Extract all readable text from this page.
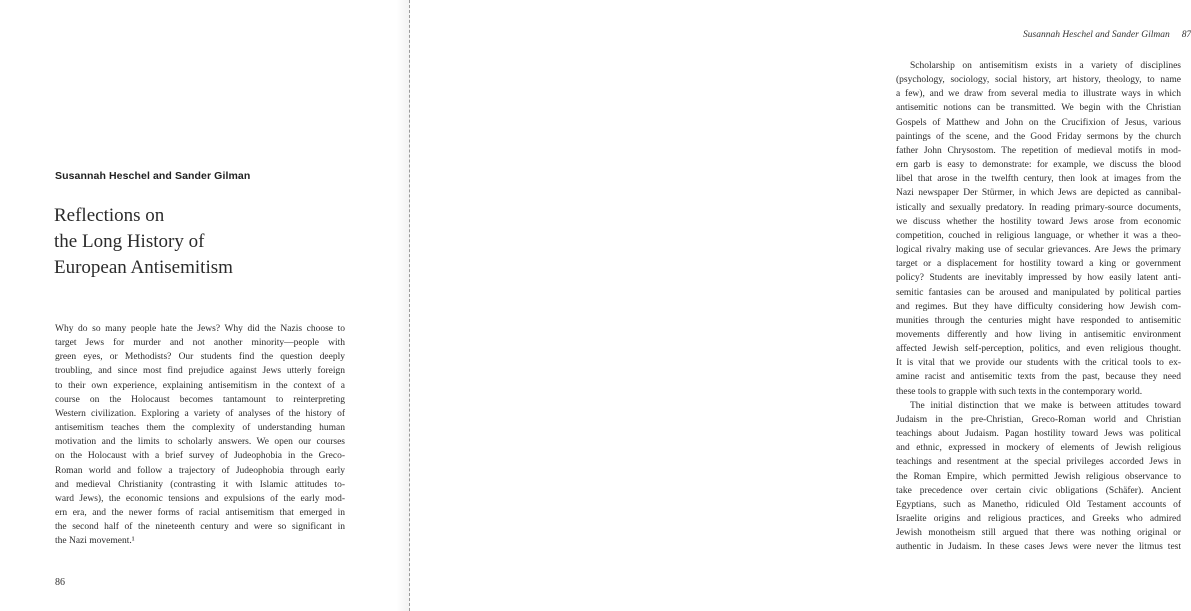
Susannah Heschel and Sander Gilman
Reflections on
the Long History of
European Antisemitism
Why do so many people hate the Jews? Why did the Nazis choose to
target Jews for murder and not another minority—people with
green eyes, or Methodists? Our students find the question deeply
troubling, and since most find prejudice against Jews utterly foreign
to their own experience, explaining antisemitism in the context of a
course on the Holocaust becomes tantamount to reinterpreting
Western civilization. Exploring a variety of analyses of the history of
antisemitism teaches them the complexity of understanding human
motivation and the limits to scholarly answers. We open our courses
on the Holocaust with a brief survey of Judeophobia in the Greco-
Roman world and follow a trajectory of Judeophobia through early
and medieval Christianity (contrasting it with Islamic attitudes to-
ward Jews), the economic tensions and expulsions of the early mod-
ern era, and the newer forms of racial antisemitism that emerged in
the second half of the nineteenth century and were so significant in
the Nazi movement.¹
86
Susannah Heschel and Sander Gilman 87
Scholarship on antisemitism exists in a variety of disciplines
(psychology, sociology, social history, art history, theology, to name
a few), and we draw from several media to illustrate ways in which
antisemitic notions can be transmitted. We begin with the Christian
Gospels of Matthew and John on the Crucifixion of Jesus, various
paintings of the scene, and the Good Friday sermons by the church
father John Chrysostom. The repetition of medieval motifs in mod-
ern garb is easy to demonstrate: for example, we discuss the blood
libel that arose in the twelfth century, then look at images from the
Nazi newspaper Der Stürmer, in which Jews are depicted as cannibal-
istically and sexually predatory. In reading primary-source documents,
we discuss whether the hostility toward Jews arose from economic
competition, couched in religious language, or whether it was a theo-
logical rivalry making use of secular grievances. Are Jews the primary
target or a displacement for hostility toward a king or government
policy? Students are inevitably impressed by how easily latent anti-
semitic fantasies can be aroused and manipulated by political parties
and regimes. But they have difficulty considering how Jewish com-
munities through the centuries might have responded to antisemitic
movements differently and how living in antisemitic environment
affected Jewish self-perception, politics, and even religious thought.
It is vital that we provide our students with the critical tools to ex-
amine racist and antisemitic texts from the past, because they need
these tools to grapple with such texts in the contemporary world.
The initial distinction that we make is between attitudes toward
Judaism in the pre-Christian, Greco-Roman world and Christian
teachings about Judaism. Pagan hostility toward Jews was political
and ethnic, expressed in mockery of elements of Jewish religious
teachings and resentment at the special privileges accorded Jews in
the Roman Empire, which permitted Jewish religious observance to
take precedence over certain civic obligations (Schäfer). Ancient
Egyptians, such as Manetho, ridiculed Old Testament accounts of
Israelite origins and religious practices, and Greeks who admired
Jewish monotheism still argued that there was nothing original or
authentic in Judaism. In these cases Jews were never the litmus test
